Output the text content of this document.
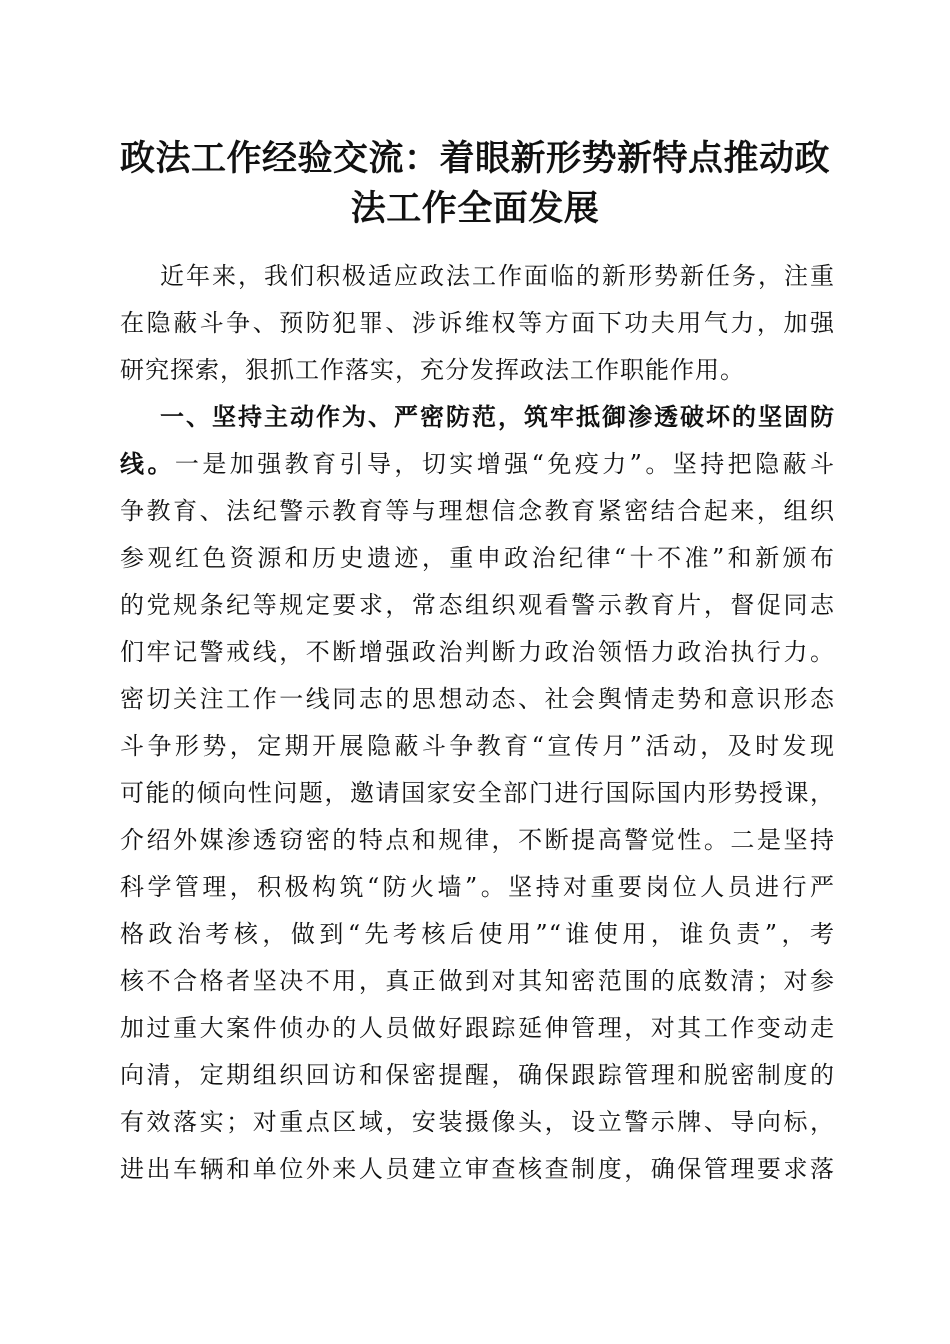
政法工作经验交流：着眼新形势新特点推动政
法工作全面发展
近年来，我们积极适应政法工作面临的新形势新任务，注重
在隐蔽斗争、预防犯罪、涉诉维权等方面下功夫用气力，加强
研究探索，狠抓工作落实，充分发挥政法工作职能作用。
一、坚持主动作为、严密防范，筑牢抵御渗透破坏的坚固防
线。一是加强教育引导，切实增强“免疫力”。坚持把隐蔽斗
争教育、法纪警示教育等与理想信念教育紧密结合起来，组织
参观红色资源和历史遗迹，重申政治纪律“十不准”和新颁布
的党规条纪等规定要求，常态组织观看警示教育片，督促同志
们牢记警戒线，不断增强政治判断力政治领悟力政治执行力。
密切关注工作一线同志的思想动态、社会舆情走势和意识形态
斗争形势，定期开展隐蔽斗争教育“宣传月”活动，及时发现
可能的倾向性问题，邀请国家安全部门进行国际国内形势授课，
介绍外媒渗透窃密的特点和规律，不断提高警觉性。二是坚持
科学管理，积极构筑“防火墙”。坚持对重要岗位人员进行严
格政治考核，做到“先考核后使用”“谁使用，谁负责”，考
核不合格者坚决不用，真正做到对其知密范围的底数清；对参
加过重大案件侦办的人员做好跟踪延伸管理，对其工作变动走
向清，定期组织回访和保密提醒，确保跟踪管理和脱密制度的
有效落实；对重点区域，安装摄像头，设立警示牌、导向标，
进出车辆和单位外来人员建立审查核查制度，确保管理要求落
